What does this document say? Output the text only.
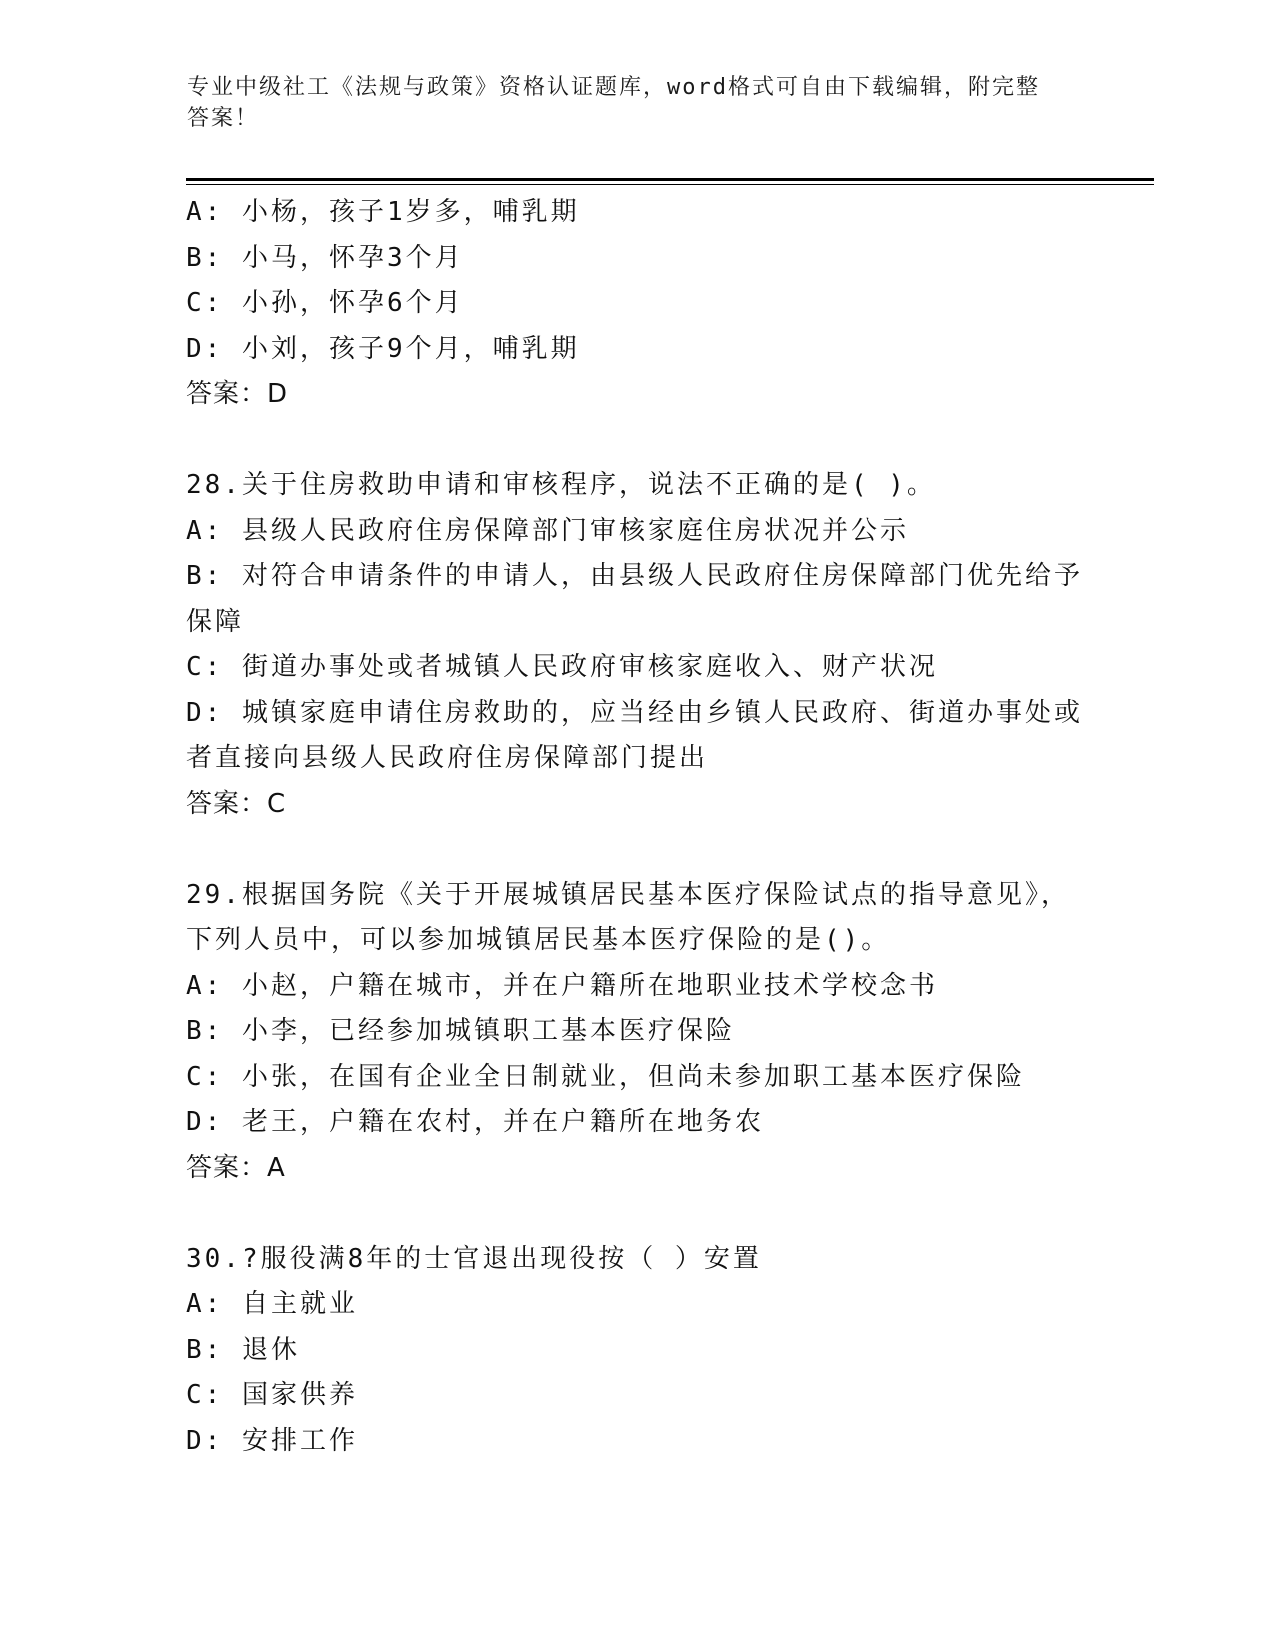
专业中级社工《法规与政策》资格认证题库，word格式可自由下载编辑，附完整
答案！
A: 小杨，孩子1岁多，哺乳期
B: 小马，怀孕3个月
C: 小孙，怀孕6个月
D: 小刘，孩子9个月，哺乳期
答案：D
28.关于住房救助申请和审核程序，说法不正确的是( )。
A: 县级人民政府住房保障部门审核家庭住房状况并公示
B: 对符合申请条件的申请人，由县级人民政府住房保障部门优先给予
保障
C: 街道办事处或者城镇人民政府审核家庭收入、财产状况
D: 城镇家庭申请住房救助的，应当经由乡镇人民政府、街道办事处或
者直接向县级人民政府住房保障部门提出
答案：C
29.根据国务院《关于开展城镇居民基本医疗保险试点的指导意见》，
下列人员中，可以参加城镇居民基本医疗保险的是()。
A: 小赵，户籍在城市，并在户籍所在地职业技术学校念书
B: 小李，已经参加城镇职工基本医疗保险
C: 小张，在国有企业全日制就业，但尚未参加职工基本医疗保险
D: 老王，户籍在农村，并在户籍所在地务农
答案：A
30.?服役满8年的士官退出现役按（ ）安置
A: 自主就业
B: 退休
C: 国家供养
D: 安排工作
